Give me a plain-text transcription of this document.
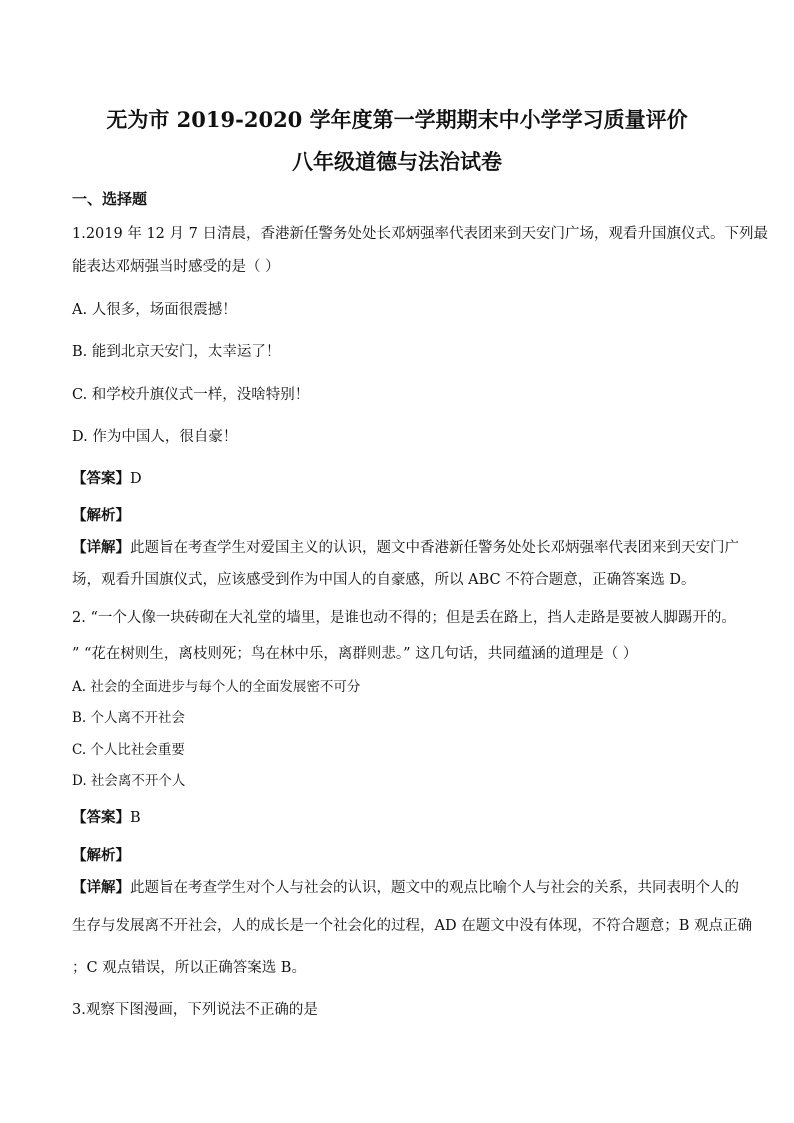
无为市 2019-2020 学年度第一学期期末中小学学习质量评价
八年级道德与法治试卷
一、选择题
1.2019 年 12 月 7 日清晨，香港新任警务处处长邓炳强率代表团来到天安门广场，观看升国旗仪式。下列最
能表达邓炳强当时感受的是（ ）
A. 人很多，场面很震撼！
B. 能到北京天安门，太幸运了！
C. 和学校升旗仪式一样，没啥特别！
D. 作为中国人，很自豪！
【答案】D
【解析】
【详解】此题旨在考查学生对爱国主义的认识，题文中香港新任警务处处长邓炳强率代表团来到天安门广
场，观看升国旗仪式，应该感受到作为中国人的自豪感，所以 ABC 不符合题意，正确答案选 D。
2. “一个人像一块砖砌在大礼堂的墙里，是谁也动不得的；但是丢在路上，挡人走路是要被人脚踢开的。
” “花在树则生，离枝则死；鸟在林中乐，离群则悲。” 这几句话，共同蕴涵的道理是（ ）
A. 社会的全面进步与每个人的全面发展密不可分
B. 个人离不开社会
C. 个人比社会重要
D. 社会离不开个人
【答案】B
【解析】
【详解】此题旨在考查学生对个人与社会的认识，题文中的观点比喻个人与社会的关系，共同表明个人的
生存与发展离不开社会，人的成长是一个社会化的过程，AD 在题文中没有体现，不符合题意；B 观点正确
；C 观点错误，所以正确答案选 B。
3.观察下图漫画，下列说法不正确的是
